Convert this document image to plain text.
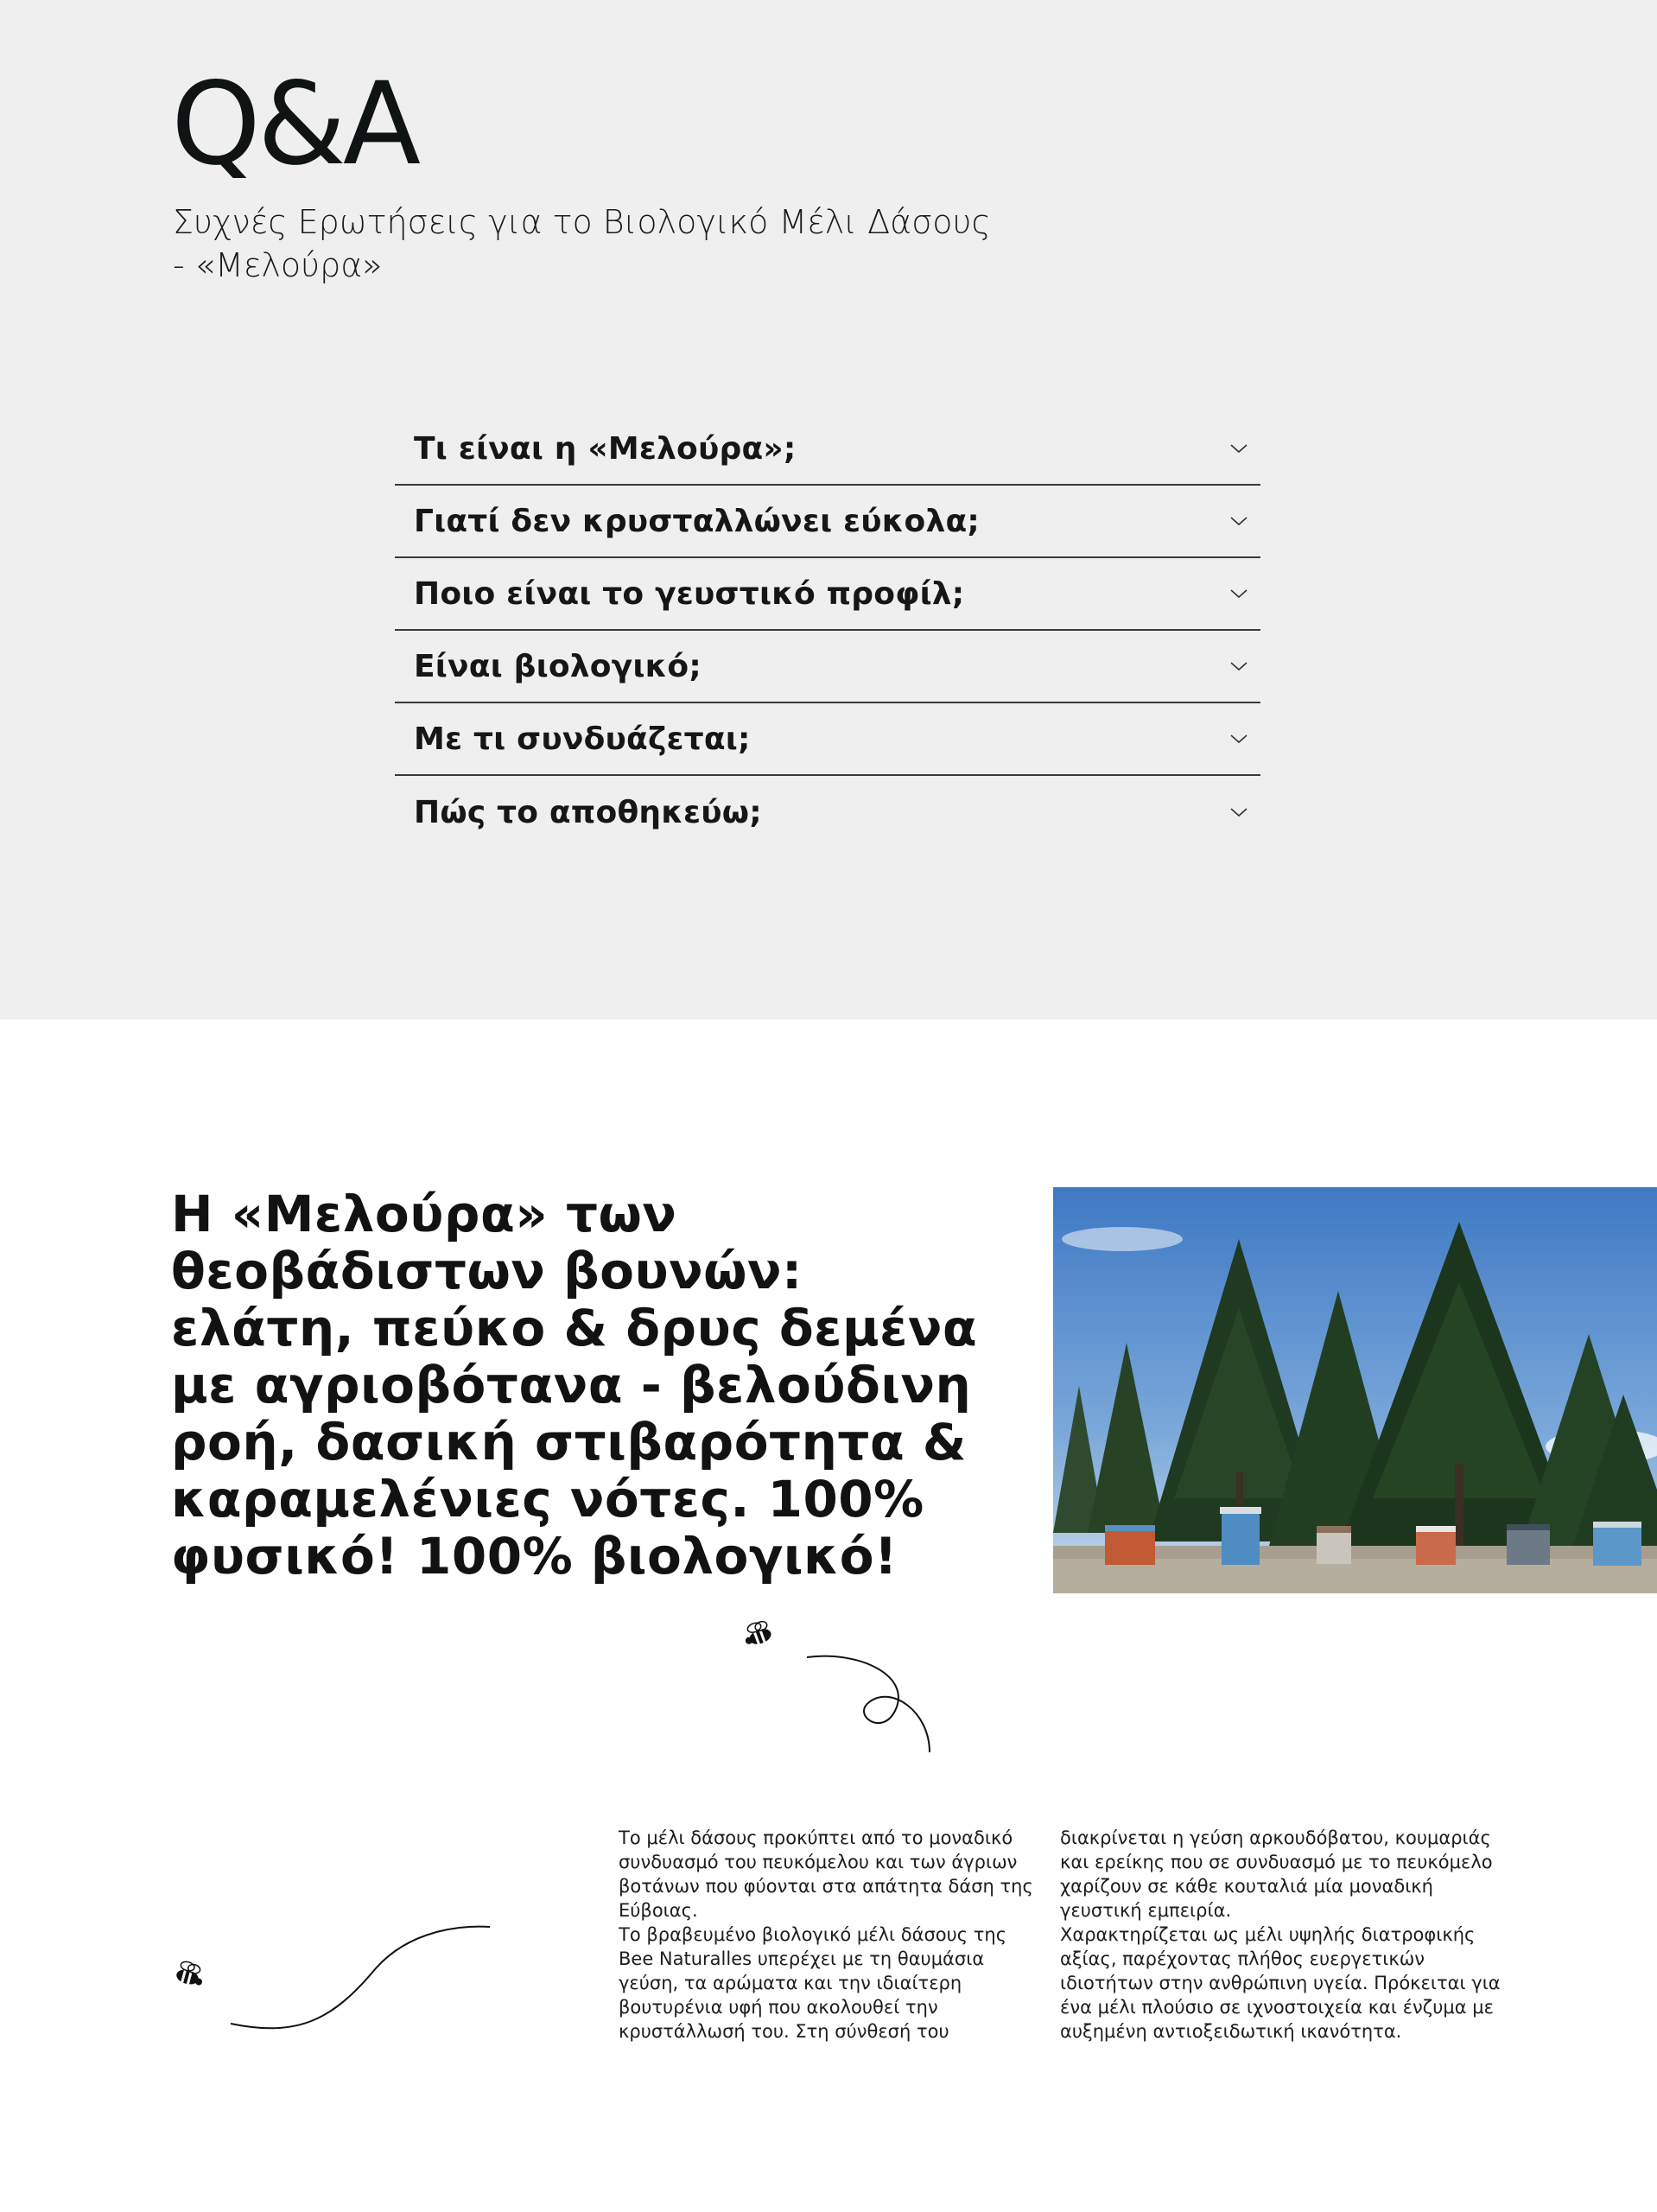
Q&A
Συχνές Ερωτήσεις για το Βιολογικό Μέλι Δάσους - «Μελούρα»
Τι είναι η «Μελούρα»;
Γιατί δεν κρυσταλλώνει εύκολα;
Ποιο είναι το γευστικό προφίλ;
Είναι βιολογικό;
Με τι συνδυάζεται;
Πώς το αποθηκεύω;
Η «Μελούρα» των θεοβάδιστων βουνών: ελάτη, πεύκο & δρυς δεμένα με αγριοβότανα - βελούδινη ροή, δασική στιβαρότητα & καραμελένιες νότες. 100% φυσικό! 100% βιολογικό!

Το μέλι δάσους προκύπτει από το μοναδικό συνδυασμό του πευκόμελου και των άγριων βοτάνων που φύονται στα απάτητα δάση της Εύβοιας.

Το βραβευμένο βιολογικό μέλι δάσους της Bee Naturalles υπερέχει με τη θαυμάσια γεύση, τα αρώματα και την ιδιαίτερη βουτυρένια υφή που ακολουθεί την κρυστάλλωσή του. Στη σύνθεσή του

διακρίνεται η γεύση αρκουδόβατου, κουμαριάς και ερείκης που σε συνδυασμό με το πευκόμελο χαρίζουν σε κάθε κουταλιά μία μοναδική γευστική εμπειρία.

Χαρακτηρίζεται ως μέλι υψηλής διατροφικής αξίας, παρέχοντας πλήθος ευεργετικών ιδιοτήτων στην ανθρώπινη υγεία. Πρόκειται για ένα μέλι πλούσιο σε ιχνοστοιχεία και ένζυμα με αυξημένη αντιοξειδωτική ικανότητα.
